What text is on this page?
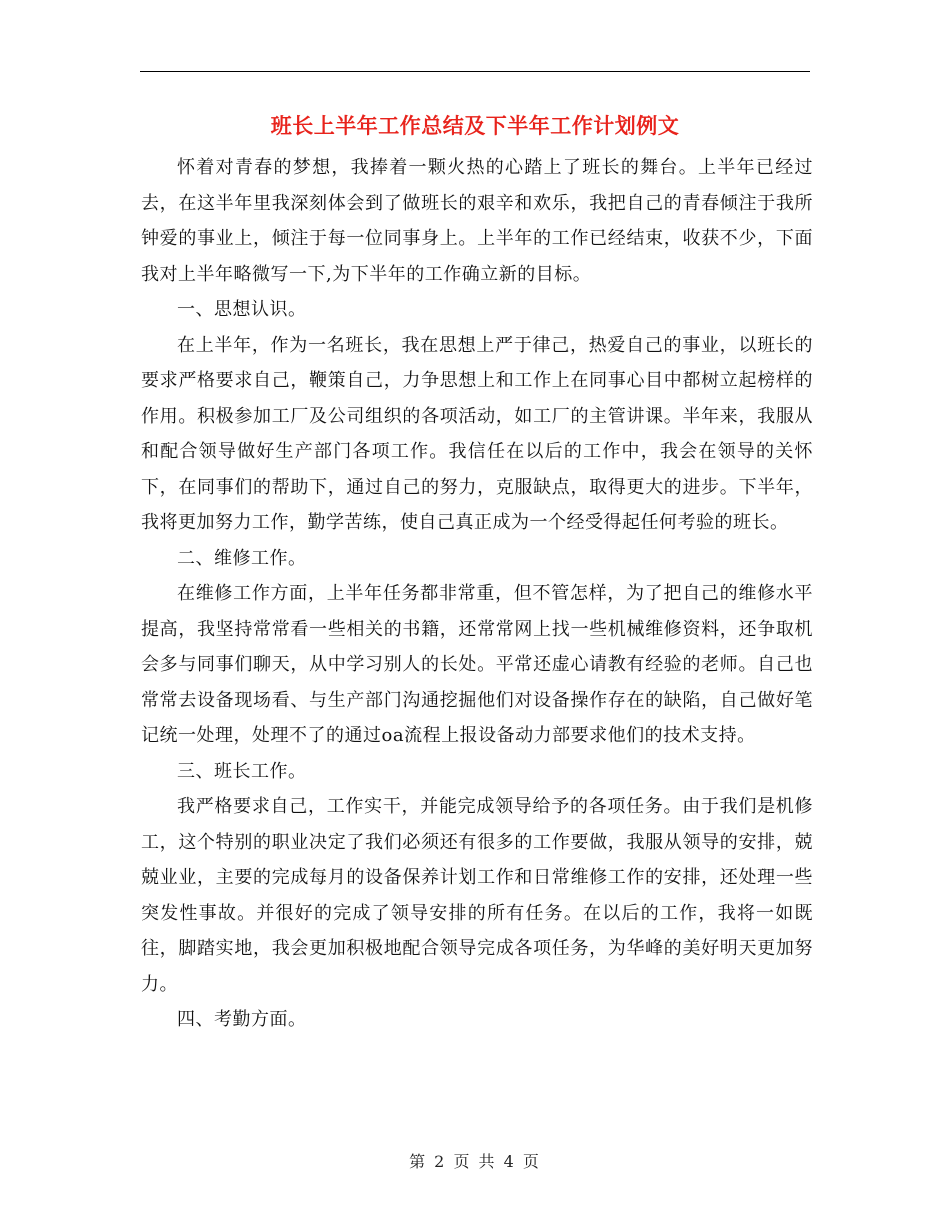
班长上半年工作总结及下半年工作计划例文

怀着对青春的梦想，我捧着一颗火热的心踏上了班长的舞台。上半年已经过去，在这半年里我深刻体会到了做班长的艰辛和欢乐，我把自己的青春倾注于我所钟爱的事业上，倾注于每一位同事身上。上半年的工作已经结束，收获不少，下面我对上半年略微写一下,为下半年的工作确立新的目标。

一、思想认识。

在上半年，作为一名班长，我在思想上严于律己，热爱自己的事业，以班长的要求严格要求自己，鞭策自己，力争思想上和工作上在同事心目中都树立起榜样的作用。积极参加工厂及公司组织的各项活动，如工厂的主管讲课。半年来，我服从和配合领导做好生产部门各项工作。我信任在以后的工作中，我会在领导的关怀下，在同事们的帮助下，通过自己的努力，克服缺点，取得更大的进步。下半年，我将更加努力工作，勤学苦练，使自己真正成为一个经受得起任何考验的班长。

二、维修工作。

在维修工作方面，上半年任务都非常重，但不管怎样，为了把自己的维修水平提高，我坚持常常看一些相关的书籍，还常常网上找一些机械维修资料，还争取机会多与同事们聊天，从中学习别人的长处。平常还虚心请教有经验的老师。自己也常常去设备现场看、与生产部门沟通挖掘他们对设备操作存在的缺陷，自己做好笔记统一处理，处理不了的通过oa流程上报设备动力部要求他们的技术支持。

三、班长工作。

我严格要求自己，工作实干，并能完成领导给予的各项任务。由于我们是机修工，这个特别的职业决定了我们必须还有很多的工作要做，我服从领导的安排，兢兢业业，主要的完成每月的设备保养计划工作和日常维修工作的安排，还处理一些突发性事故。并很好的完成了领导安排的所有任务。在以后的工作，我将一如既往，脚踏实地，我会更加积极地配合领导完成各项任务，为华峰的美好明天更加努力。

四、考勤方面。

第 2 页 共 4 页
